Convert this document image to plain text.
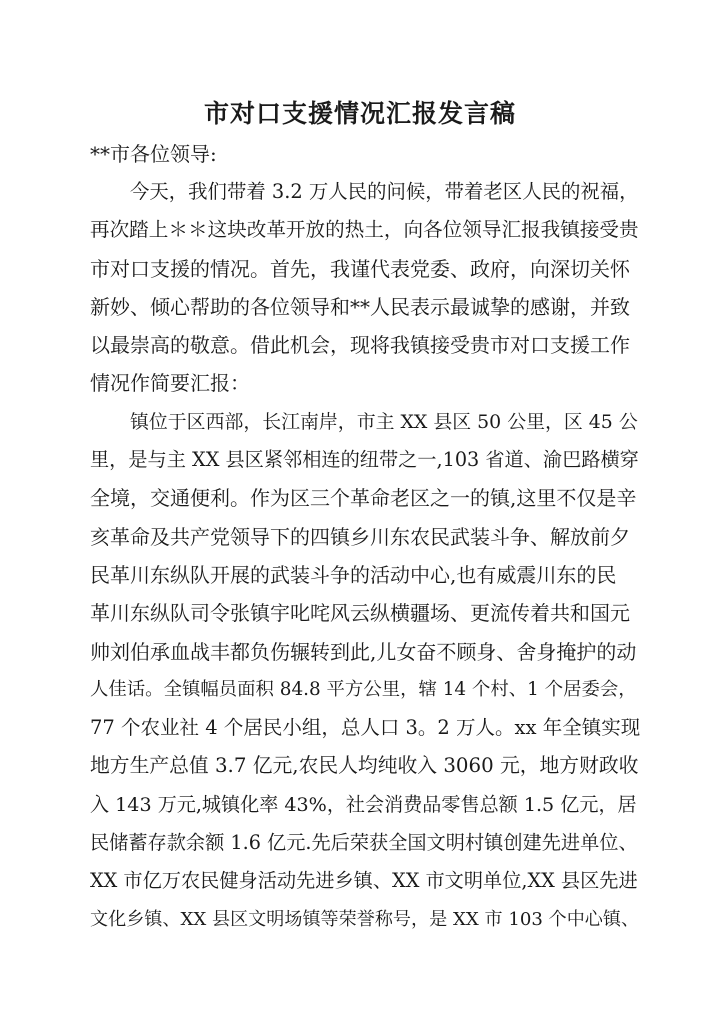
市对口支援情况汇报发言稿
**市各位领导:
今天，我们带着 3.2 万人民的问候，带着老区人民的祝福，
再次踏上＊＊这块改革开放的热土，向各位领导汇报我镇接受贵
市对口支援的情况。首先，我谨代表党委、政府，向深切关怀
新妙、倾心帮助的各位领导和**人民表示最诚挚的感谢，并致
以最崇高的敬意。借此机会，现将我镇接受贵市对口支援工作
情况作简要汇报：
镇位于区西部，长江南岸，市主 XX 县区 50 公里，区 45 公
里，是与主 XX 县区紧邻相连的纽带之一,103 省道、渝巴路横穿
全境，交通便利。作为区三个革命老区之一的镇,这里不仅是辛
亥革命及共产党领导下的四镇乡川东农民武装斗争、解放前夕
民革川东纵队开展的武装斗争的活动中心,也有威震川东的民
革川东纵队司令张镇宇叱咤风云纵横疆场、更流传着共和国元
帅刘伯承血战丰都负伤辗转到此,儿女奋不顾身、舍身掩护的动
人佳话。全镇幅员面积 84.8 平方公里，辖 14 个村、1 个居委会，
77 个农业社 4 个居民小组，总人口 3。2 万人。xx 年全镇实现
地方生产总值 3.7 亿元,农民人均纯收入 3060 元，地方财政收
入 143 万元,城镇化率 43%，社会消费品零售总额 1.5 亿元，居
民储蓄存款余额 1.6 亿元.先后荣获全国文明村镇创建先进单位、
XX 市亿万农民健身活动先进乡镇、XX 市文明单位,XX 县区先进
文化乡镇、XX 县区文明场镇等荣誉称号，是 XX 市 103 个中心镇、
